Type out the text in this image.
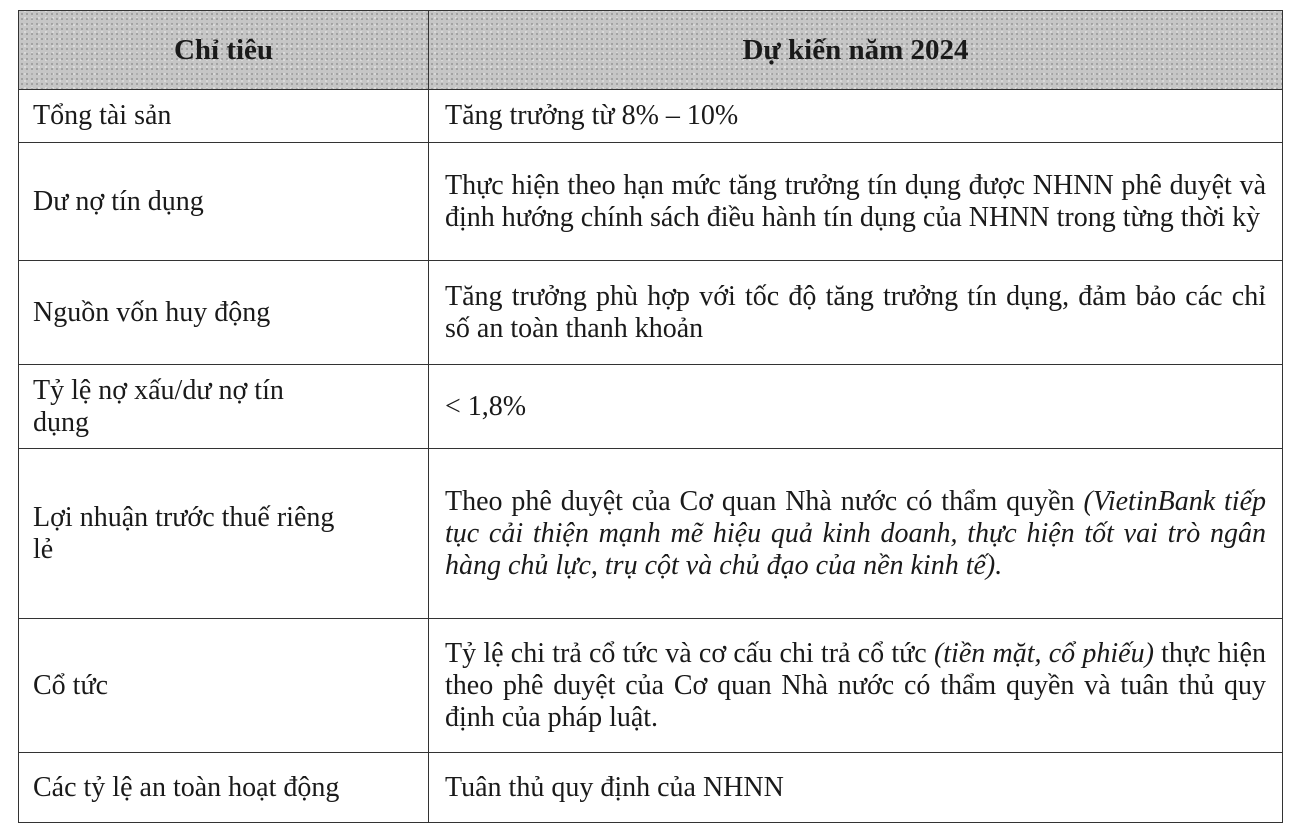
Chỉ tiêu	Dự kiến năm 2024
Tổng tài sản	Tăng trưởng từ 8% – 10%
Dư nợ tín dụng	Thực hiện theo hạn mức tăng trưởng tín dụng được NHNN phê duyệt và định hướng chính sách điều hành tín dụng của NHNN trong từng thời kỳ
Nguồn vốn huy động	Tăng trưởng phù hợp với tốc độ tăng trưởng tín dụng, đảm bảo các chỉ số an toàn thanh khoản

Tỷ lệ nợ xấu/dư nợ tín dụng	< 1,8%

Lợi nhuận trước thuế riêng lẻ	Theo phê duyệt của Cơ quan Nhà nước có thẩm quyền (VietinBank tiếp tục cải thiện mạnh mẽ hiệu quả kinh doanh, thực hiện tốt vai trò ngân hàng chủ lực, trụ cột và chủ đạo của nền kinh tế).
Cổ tức	Tỷ lệ chi trả cổ tức và cơ cấu chi trả cổ tức (tiền mặt, cổ phiếu) thực hiện theo phê duyệt của Cơ quan Nhà nước có thẩm quyền và tuân thủ quy định của pháp luật.
Các tỷ lệ an toàn hoạt động	Tuân thủ quy định của NHNN
